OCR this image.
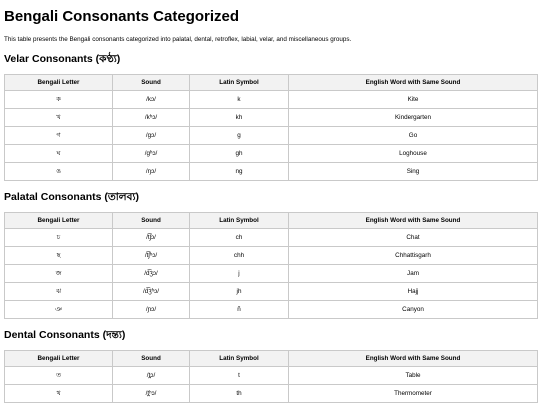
Bengali Consonants Categorized

This table presents the Bengali consonants categorized into palatal, dental, retroflex, labial, velar, and miscellaneous groups.

Velar Consonants (কণ্ঠ্য)
Bengali Letter	Sound	Latin Symbol	English Word with Same Sound
ক	/kɔ/	k	Kite
খ	/kʰɔ/	kh	Kindergarten
গ	/gɔ/	g	Go
ঘ	/gʱɔ/	gh	Loghouse
ঙ	/ŋɔ/	ng	Sing
Palatal Consonants (তালব্য)
Bengali Letter	Sound	Latin Symbol	English Word with Same Sound
চ	/t͡ʃɔ/	ch	Chat
ছ	/t͡ʃʰɔ/	chh	Chhattisgarh
জ	/d͡ʒɔ/	j	Jam
ঝ	/d͡ʒʱɔ/	jh	Hajj
ঞ	/ɲɔ/	ñ	Canyon
Dental Consonants (দন্ত্য)
Bengali Letter	Sound	Latin Symbol	English Word with Same Sound
ত	/t̪ɔ/	t	Table
থ	/t̪ʰɔ/	th	Thermometer
